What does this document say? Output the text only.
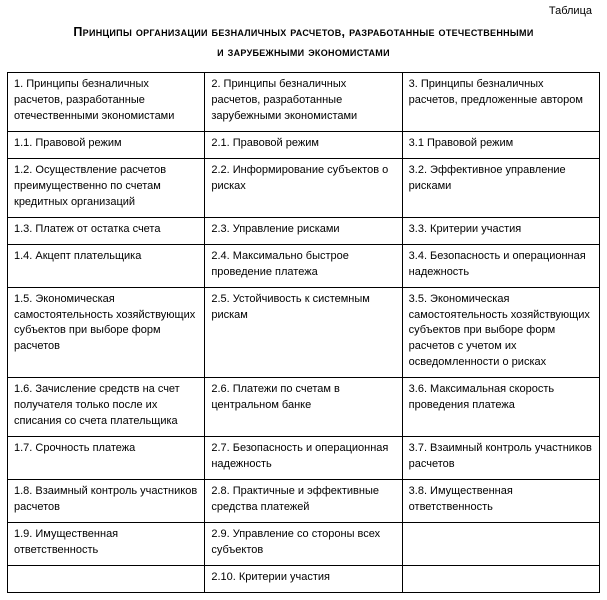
Таблица
Принципы организации безналичных расчетов, разработанные отечественными
и зарубежными экономистами
1. Принципы безналичных расчетов, разработанные отечественными экономистами	2. Принципы безналичных расчетов, разработанные зарубежными экономистами	3. Принципы безналичных расчетов, предложенные автором
1.1. Правовой режим	2.1. Правовой режим	3.1 Правовой режим
1.2. Осуществление расчетов преимущественно по счетам кредитных организаций	2.2. Информирование субъектов о рисках	3.2. Эффективное управление рисками
1.3. Платеж от остатка счета	2.3. Управление рисками	3.3. Критерии участия
1.4. Акцепт плательщика	2.4. Максимально быстрое проведение платежа	3.4. Безопасность и операционная надежность
1.5. Экономическая самостоятельность хозяйствующих субъектов при выборе форм расчетов	2.5. Устойчивость к системным рискам	3.5. Экономическая самостоятельность хозяйствующих субъектов при выборе форм расчетов с учетом их осведомленности о рисках
1.6. Зачисление средств на счет получателя только после их списания со счета плательщика	2.6. Платежи по счетам в центральном банке	3.6. Максимальная скорость проведения платежа
1.7. Срочность платежа	2.7. Безопасность и операционная надежность	3.7. Взаимный контроль участников расчетов
1.8. Взаимный контроль участников расчетов	2.8. Практичные и эффективные средства платежей	3.8. Имущественная ответственность
1.9. Имущественная ответственность	2.9. Управление со стороны всех субъектов	
	2.10. Критерии участия	
